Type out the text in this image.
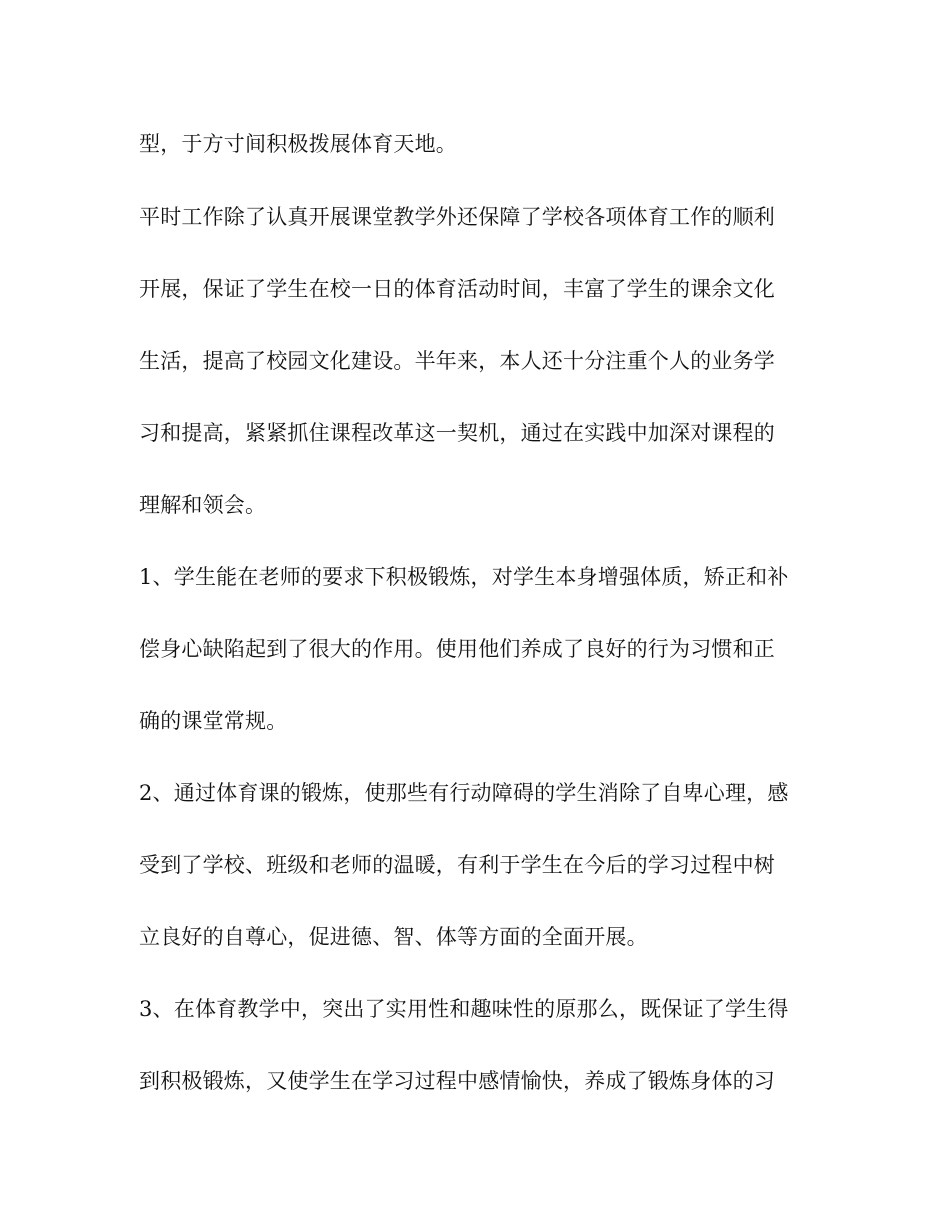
型，于方寸间积极拨展体育天地。
平时工作除了认真开展课堂教学外还保障了学校各项体育工作的顺利
开展，保证了学生在校一日的体育活动时间，丰富了学生的课余文化
生活，提高了校园文化建设。半年来，本人还十分注重个人的业务学
习和提高，紧紧抓住课程改革这一契机，通过在实践中加深对课程的
理解和领会。
1、学生能在老师的要求下积极锻炼，对学生本身增强体质，矫正和补
偿身心缺陷起到了很大的作用。使用他们养成了良好的行为习惯和正
确的课堂常规。
2、通过体育课的锻炼，使那些有行动障碍的学生消除了自卑心理，感
受到了学校、班级和老师的温暖，有利于学生在今后的学习过程中树
立良好的自尊心，促进德、智、体等方面的全面开展。
3、在体育教学中，突出了实用性和趣味性的原那么，既保证了学生得
到积极锻炼，又使学生在学习过程中感情愉快，养成了锻炼身体的习
